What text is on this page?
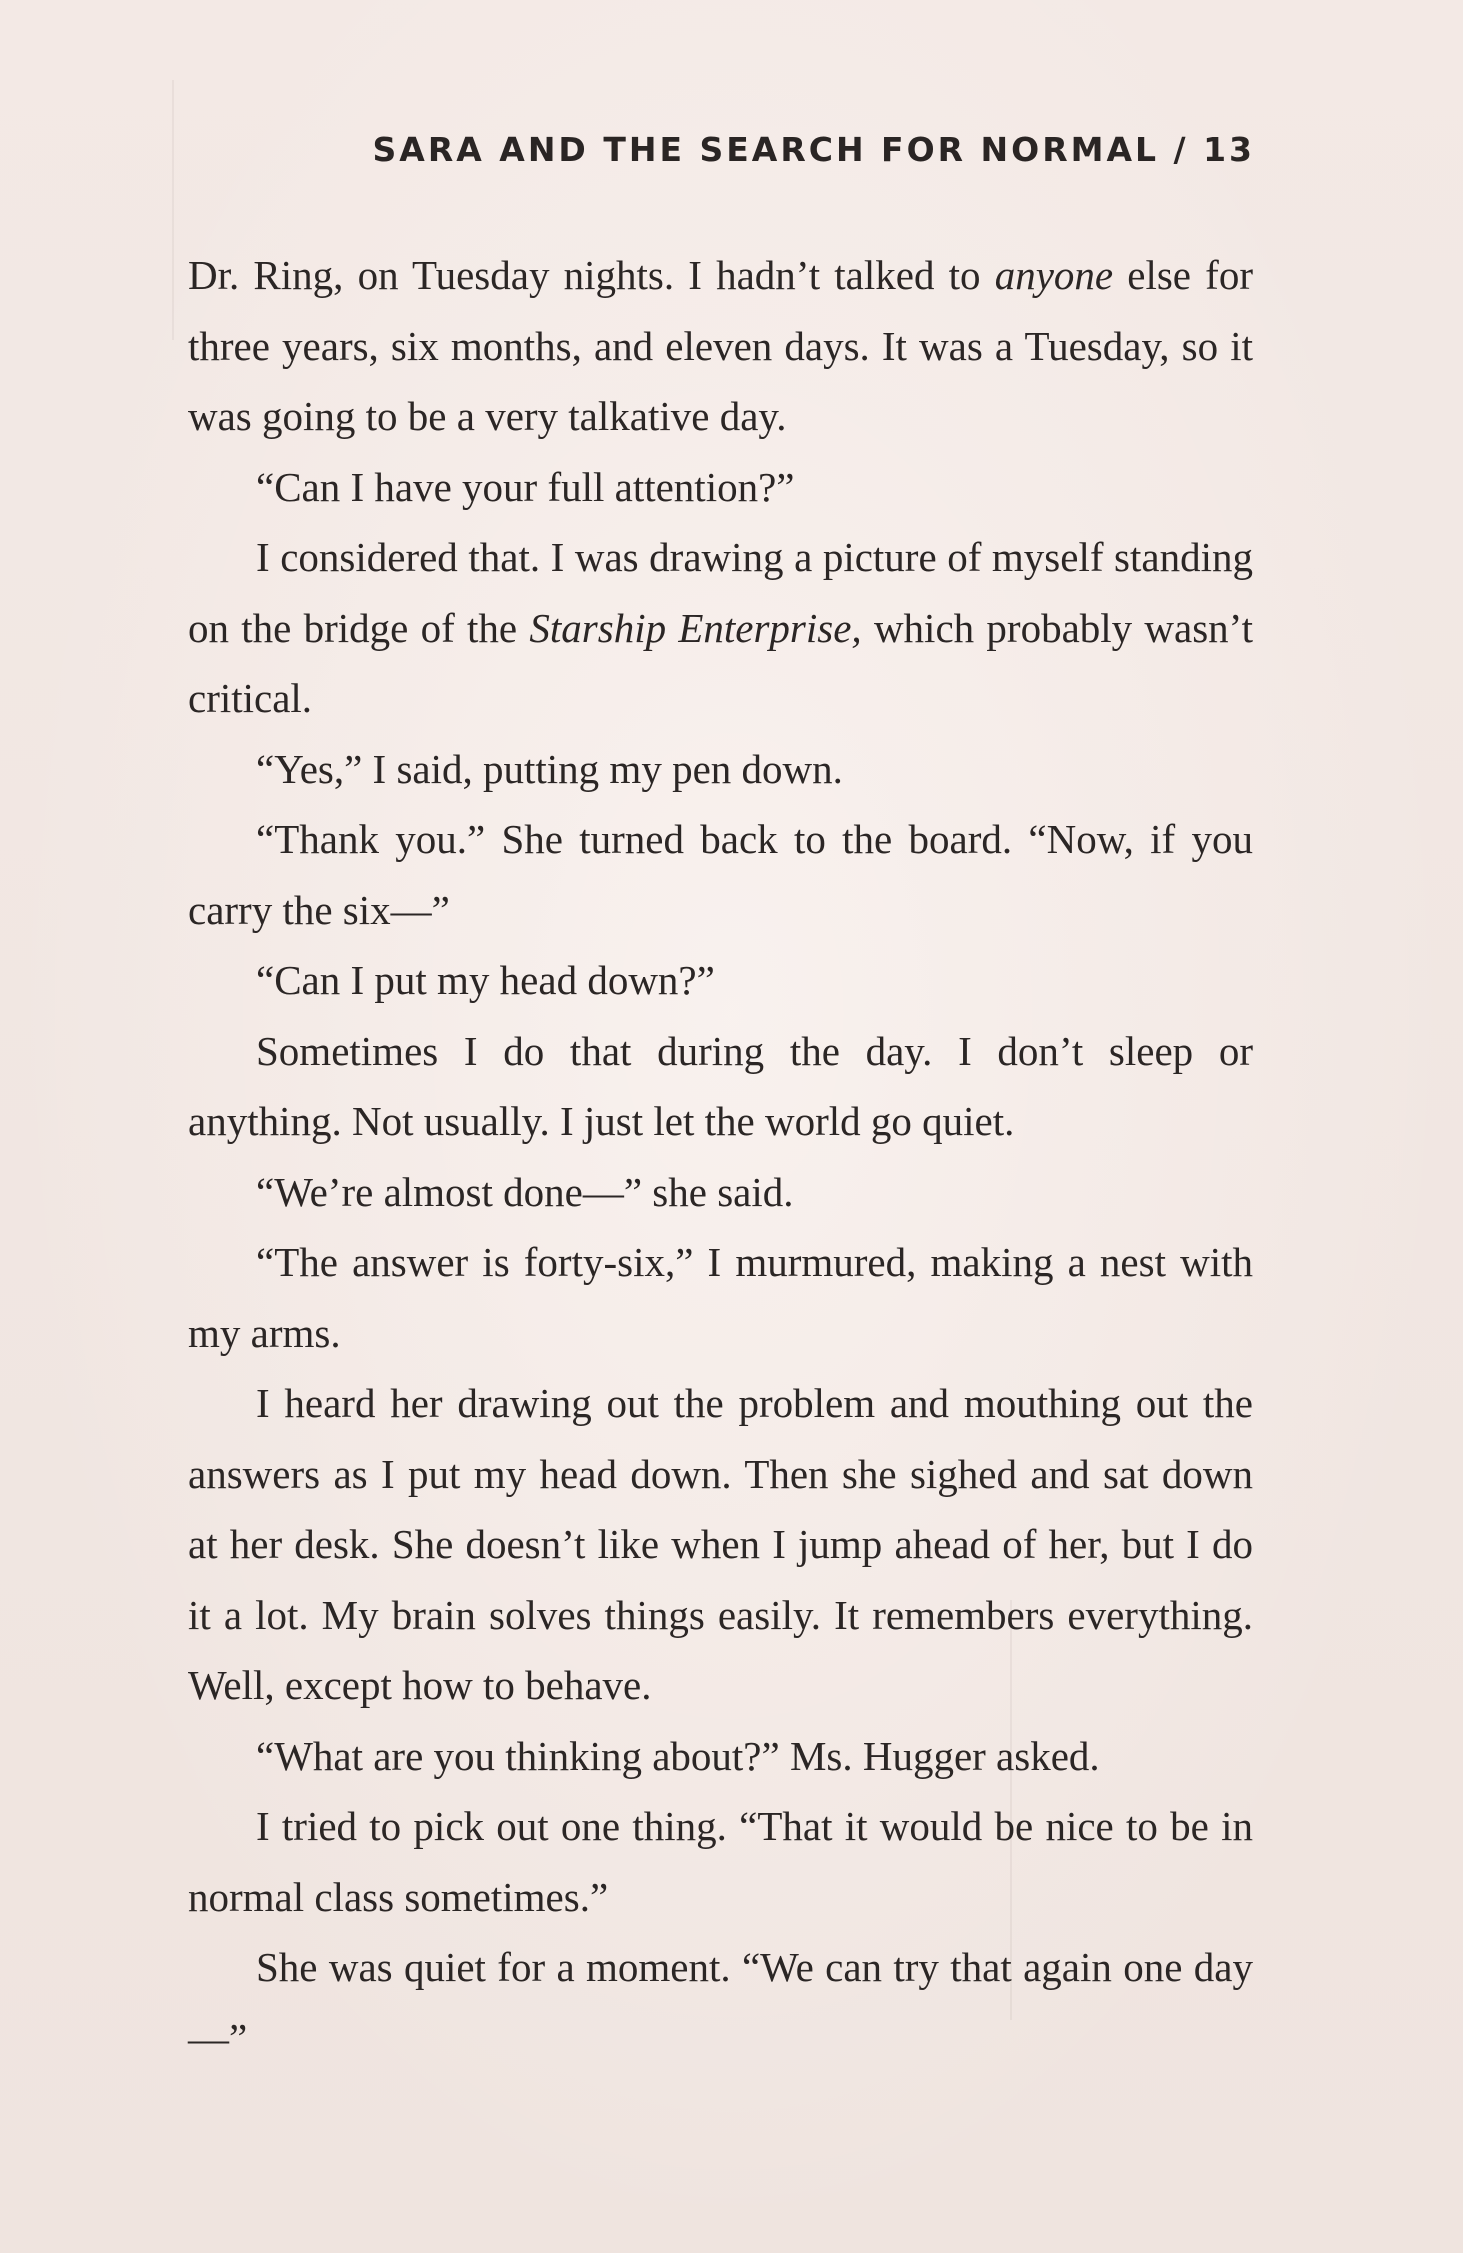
SARA AND THE SEARCH FOR NORMAL / 13

Dr. Ring, on Tuesday nights. I hadn’t talked to anyone else for three years, six months, and eleven days. It was a Tuesday, so it was going to be a very talkative day.

“Can I have your full attention?”

I considered that. I was drawing a picture of myself standing on the bridge of the Starship Enterprise, which probably wasn’t critical.

“Yes,” I said, putting my pen down.

“Thank you.” She turned back to the board. “Now, if you carry the six—”

“Can I put my head down?”

Sometimes I do that during the day. I don’t sleep or anything. Not usually. I just let the world go quiet.

“We’re almost done—” she said.

“The answer is forty-six,” I murmured, making a nest with my arms.

I heard her drawing out the problem and mouthing out the answers as I put my head down. Then she sighed and sat down at her desk. She doesn’t like when I jump ahead of her, but I do it a lot. My brain solves things easily. It remembers everything. Well, except how to behave.

“What are you thinking about?” Ms. Hugger asked.

I tried to pick out one thing. “That it would be nice to be in normal class sometimes.”

She was quiet for a moment. “We can try that again one day—”
